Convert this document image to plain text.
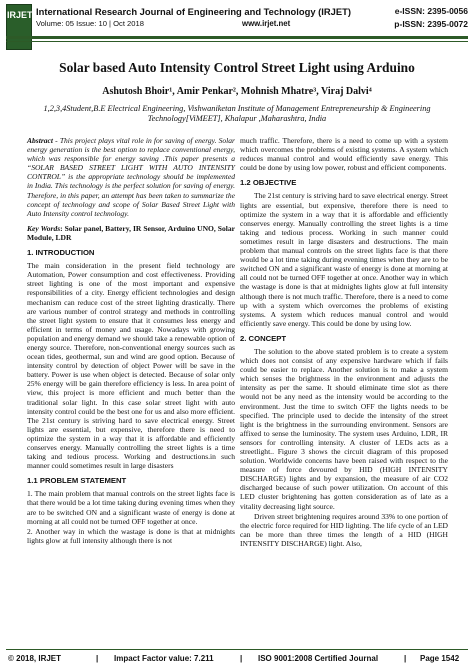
IRJET International Research Journal of Engineering and Technology (IRJET)	e-ISSN: 2395-0056
Volume: 05 Issue: 10 | Oct 2018	www.irjet.net	p-ISSN: 2395-0072
Solar based Auto Intensity Control Street Light using Arduino
Ashutosh Bhoir¹, Amir Penkar², Mohnish Mhatre³, Viraj Dalvi⁴
1,2,3,4Student,B.E Electrical Engineering, Vishwaniketan Institute of Management Entrepreneurship & Engineering Technology[ViMEET], Khalapur ,Maharashtra, India

Abstract - This project plays vital role in for saving of energy. Solar energy generation is the best option to replace conventional energy, which was responsible for energy saving .This paper presents a “SOLAR BASED STREET LIGHT WITH AUTO INTENSITY CONTROL” is the appropriate technology should be implemented in India. This technology is the perfect solution for saving of energy. Therefore, in this paper, an attempt has been taken to summarize the concept of technology and scope of Solar Based Street Light with Auto Intensity control technology.

Key Words: Solar panel, Battery, IR Sensor, Arduino UNO, Solar Module, LDR

1. INTRODUCTION

The main consideration in the present field technology are Automation, Power consumption and cost effectiveness. Providing street lighting is one of the most important and expensive responsibilities of a city. Energy efficient technologies and design mechanism can reduce cost of the street lighting drastically. There are various number of control strategy and methods in controlling the street light system to ensure that it consumes less energy and efficient in terms of money and usage. Nowadays with growing population and energy demand we should take a renewable option of energy source. Therefore, non-conventional energy sources such as ocean tides, geothermal, sun and wind are good option. Because of intensity control by detection of object Power will be save in the battery. Power is use when object is detected. Because of solar only 25% energy will be gain therefore efficiency is less. In area point of view, this project is more efficient and much better than the traditional solar light. In this case solar street light with auto intensity control could be the best one for us and also more efficient. The 21st century is striving hard to save electrical energy. Street lights are essential, but expensive, therefore there is need to optimize the system in a way that it is affordable and efficiently conserves energy. Manually controlling the street lights is a time taking and tedious process. Working and destructions.in such manner could sometimes result in large disasters

1.1 PROBLEM STATEMENT

1. The main problem that manual controls on the street lights face is that there would be a lot time taking during evening times when they are to be switched ON and a significant waste of energy is done at morning at all could not be turned OFF together at once.

2. Another way in which the wastage is done is that at midnights lights glow at full intensity although there is not

much traffic. Therefore, there is a need to come up with a system which overcomes the problems of existing systems. A system which reduces manual control and would efficiently save energy. This could be done by using low power, robust and efficient components.

1.2 OBJECTIVE

The 21st century is striving hard to save electrical energy. Street lights are essential, but expensive, therefore there is need to optimize the system in a way that it is affordable and efficiently conserves energy. Manually controlling the street lights is a time taking and tedious process. Working in such manner could sometimes result in large disasters and destructions. The main problem that manual controls on the street lights face is that there would be a lot time taking during evening times when they are to be switched ON and a significant waste of energy is done at morning at all could not be turned OFF together at once. Another way in which the wastage is done is that at midnights lights glow at full intensity although there is not much traffic. Therefore, there is a need to come up with a system which overcomes the problems of existing systems. A system which reduces manual control and would efficiently save energy. This could be done by using low.

2. CONCEPT

The solution to the above stated problem is to create a system which does not consist of any expensive hardware which if fails could be easier to replace. Another solution is to make a system which senses the brightness in the environment and adjusts the intensity as per the same. It should eliminate time slot as there would not be any need as the intensity would be according to the environment. Just the time to switch OFF the lights needs to be specified. The principle used to decide the intensity of the street light is the brightness in the surrounding environment. Sensors are affixed to sense the luminosity. The system uses Arduino, LDR, IR sensors for controlling intensity. A cluster of LEDs acts as a streetlight.. Figure 3 shows the circuit diagram of this proposed solution. Worldwide concerns have been raised with respect to the measure of force devoured by HID (HIGH INTENSITY DISCHARGE) lights and by expansion, the measure of air CO2 discharged because of such power utilization. On account of this LED cluster brightening has gotten consideration as of late as a vitality decreasing light source.

Driven street brightening requires around 33% to one portion of the electric force required for HID lighting. The life cycle of an LED can be more than three times the length of a HID (HIGH INTENSITY DISCHARGE) light. Also,

© 2018, IRJET	| Impact Factor value: 7.211	| ISO 9001:2008 Certified Journal	| Page 1542
